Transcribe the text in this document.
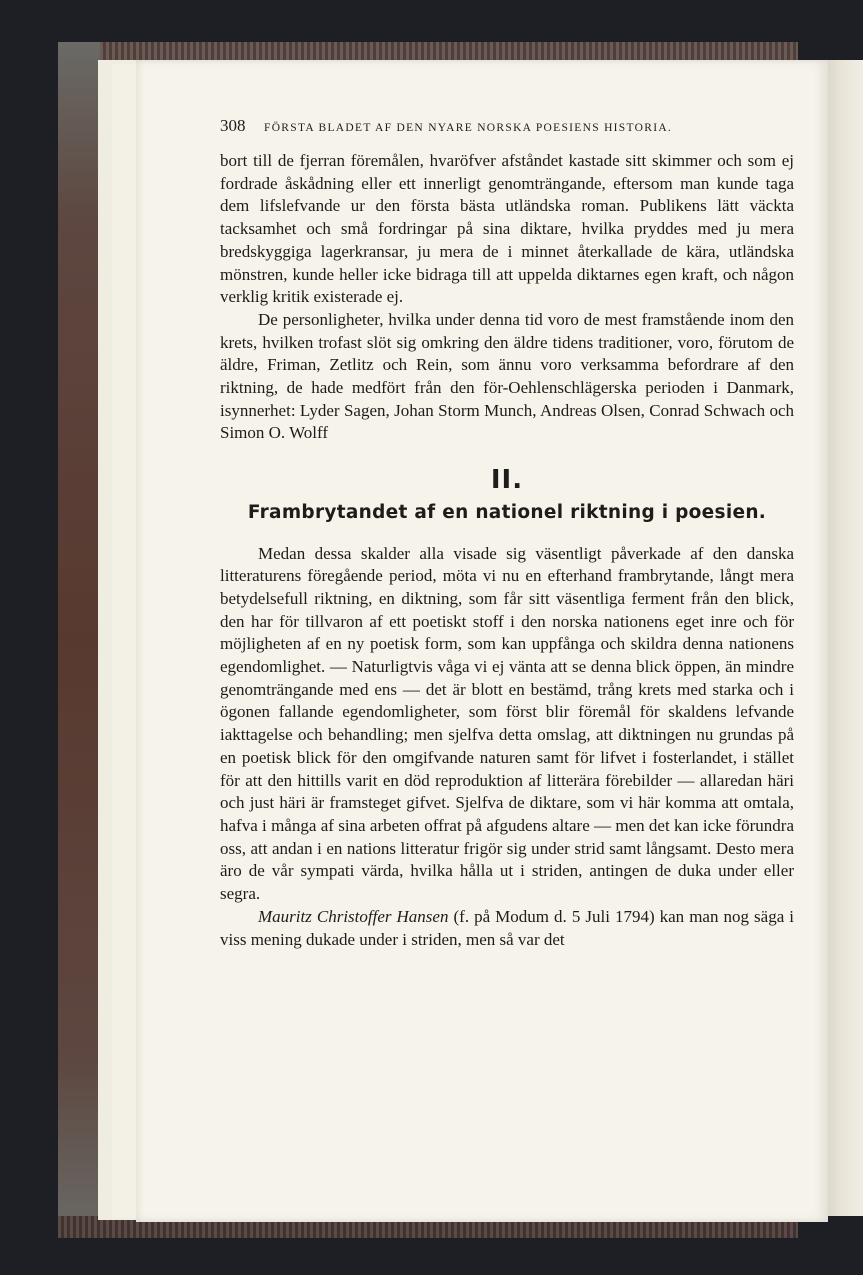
308 FÖRSTA BLADET AF DEN NYARE NORSKA POESIENS HISTORIA.

bort till de fjerran föremålen, hvaröfver afståndet kastade sitt skimmer och som ej fordrade åskådning eller ett innerligt genomträngande, eftersom man kunde taga dem lifslefvande ur den första bästa utländska roman. Publikens lätt väckta tacksamhet och små fordringar på sina diktare, hvilka pryddes med ju mera bredskyggiga lagerkransar, ju mera de i minnet återkallade de kära, utländska mönstren, kunde heller icke bidraga till att uppelda diktarnes egen kraft, och någon verklig kritik existerade ej.

De personligheter, hvilka under denna tid voro de mest framstående inom den krets, hvilken trofast slöt sig omkring den äldre tidens traditioner, voro, förutom de äldre, Friman, Zetlitz och Rein, som ännu voro verksamma befordrare af den riktning, de hade medfört från den för-Oehlenschlägerska perioden i Danmark, isynnerhet: Lyder Sagen, Johan Storm Munch, Andreas Olsen, Conrad Schwach och Simon O. Wolff

II.
Frambrytandet af en nationel riktning i poesien.

Medan dessa skalder alla visade sig väsentligt påverkade af den danska litteraturens föregående period, möta vi nu en efterhand frambrytande, långt mera betydelsefull riktning, en diktning, som får sitt väsentliga ferment från den blick, den har för tillvaron af ett poetiskt stoff i den norska nationens eget inre och för möjligheten af en ny poetisk form, som kan uppfånga och skildra denna nationens egendomlighet. — Naturligtvis våga vi ej vänta att se denna blick öppen, än mindre genomträngande med ens — det är blott en bestämd, trång krets med starka och i ögonen fallande egendomligheter, som först blir föremål för skaldens lefvande iakttagelse och behandling; men sjelfva detta omslag, att diktningen nu grundas på en poetisk blick för den omgifvande naturen samt för lifvet i fosterlandet, i stället för att den hittills varit en död reproduktion af litterära förebilder — allaredan häri och just häri är framsteget gifvet. Sjelfva de diktare, som vi här komma att omtala, hafva i många af sina arbeten offrat på afgudens altare — men det kan icke förundra oss, att andan i en nations litteratur frigör sig under strid samt långsamt. Desto mera äro de vår sympati värda, hvilka hålla ut i striden, antingen de duka under eller segra.

Mauritz Christoffer Hansen (f. på Modum d. 5 Juli 1794) kan man nog säga i viss mening dukade under i striden, men så var det
